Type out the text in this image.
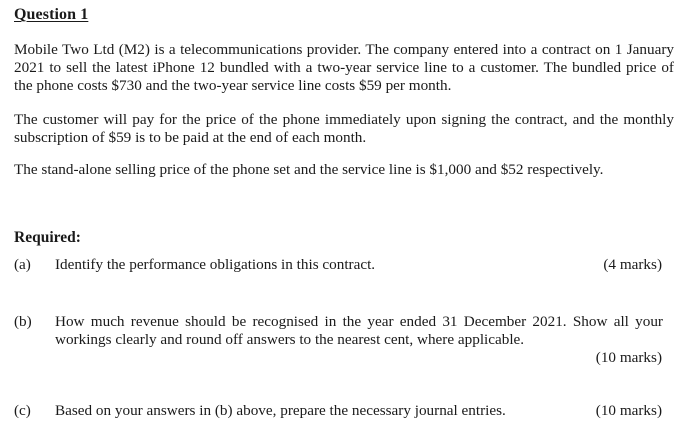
Question 1
Mobile Two Ltd (M2) is a telecommunications provider. The company entered into a contract on 1 January 2021 to sell the latest iPhone 12 bundled with a two-year service line to a customer. The bundled price of the phone costs $730 and the two-year service line costs $59 per month.
The customer will pay for the price of the phone immediately upon signing the contract, and the monthly subscription of $59 is to be paid at the end of each month.
The stand-alone selling price of the phone set and the service line is $1,000 and $52 respectively.
Required:
(a) Identify the performance obligations in this contract.	(4 marks)
(b) How much revenue should be recognised in the year ended 31 December 2021. Show all your workings clearly and round off answers to the nearest cent, where applicable.
(10 marks)
(c) Based on your answers in (b) above, prepare the necessary journal entries.	(10 marks)
